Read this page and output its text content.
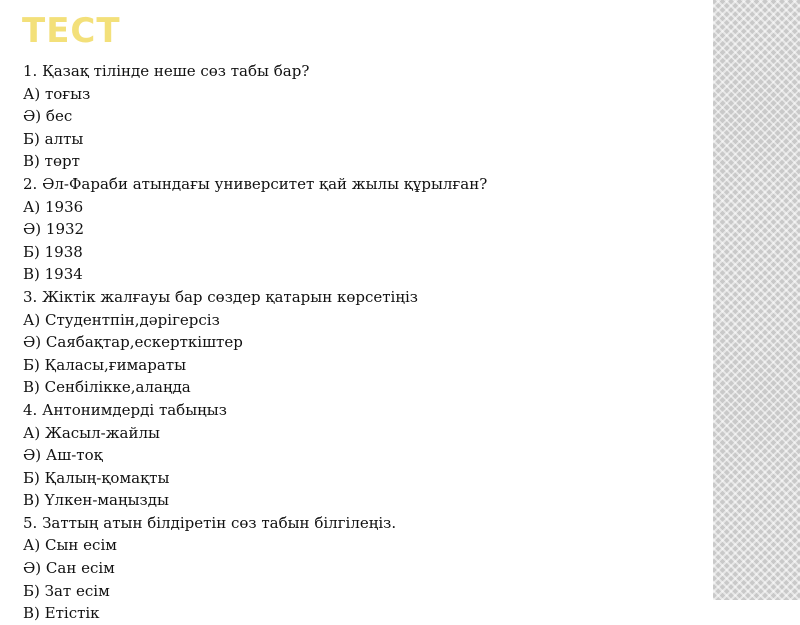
ТЕСТ
1. Қазақ тілінде неше сөз табы бар?
А) тоғыз
Ә) бес
Б) алты
В) төрт
2. Әл-Фараби атындағы университет қай жылы құрылған?
А) 1936
Ә) 1932
Б) 1938
В) 1934
3. Жіктік жалғауы бар сөздер қатарын көрсетіңіз
А) Студентпін,дәрігерсіз
Ә) Саябақтар,ескерткіштер
Б) Қаласы,ғимараты
В) Сенбілікке,алаңда
4. Антонимдерді табыңыз
А) Жасыл-жайлы
Ә) Аш-тоқ
Б) Қалың-қомақты
В) Үлкен-маңызды
5. Заттың атын білдіретін сөз табын білгілеңіз.
А) Сын есім
Ә) Сан есім
Б) Зат есім
В) Етістік
